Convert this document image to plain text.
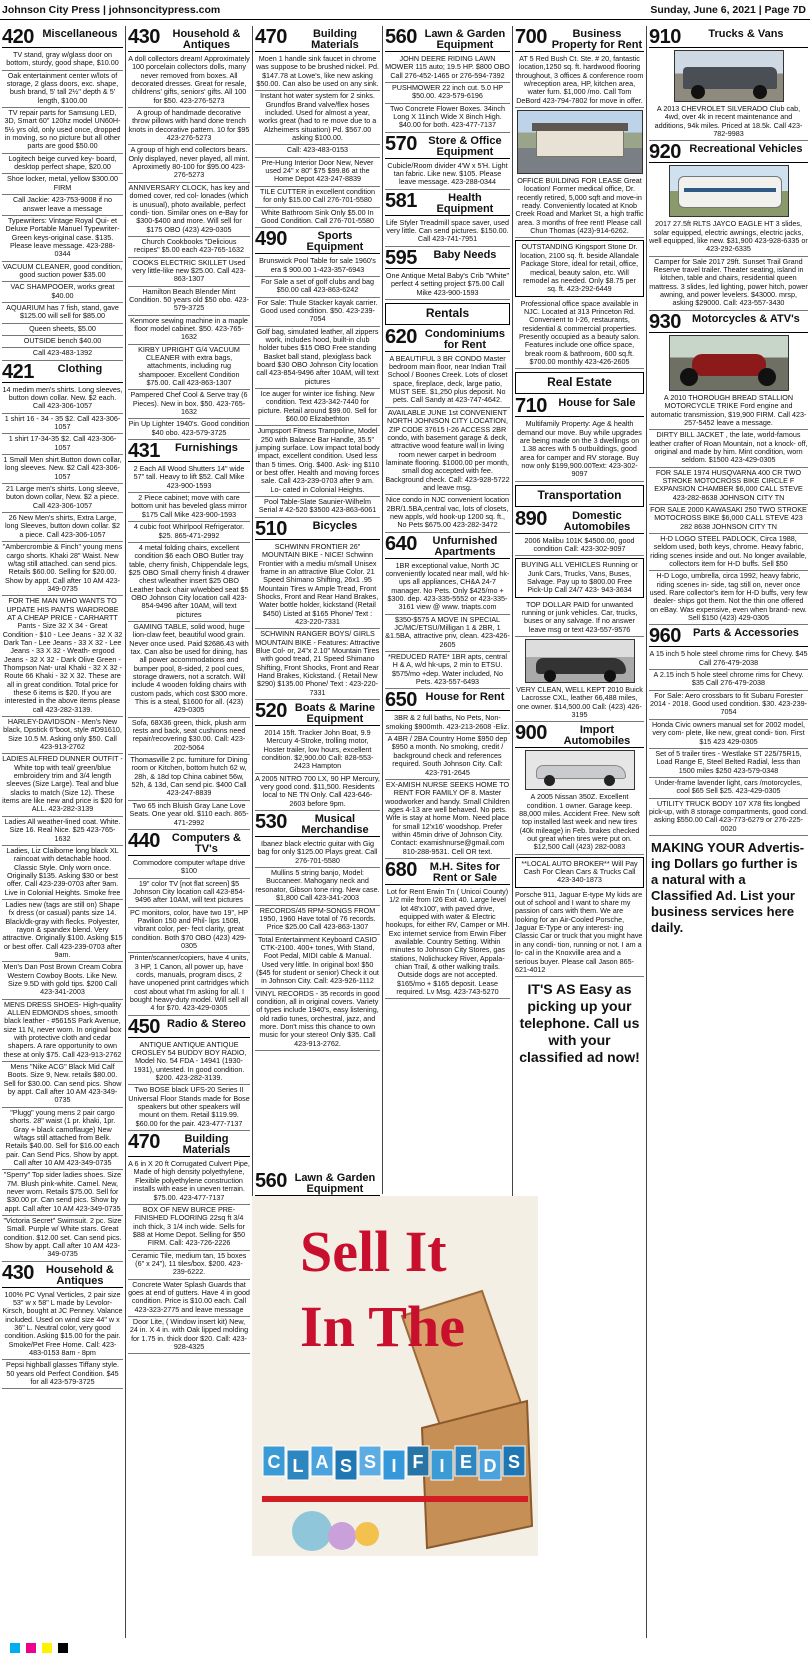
Johnson City Press | johnsoncitypress.com	Sunday, June 6, 2021 | Page 7D
420 Miscellaneous
TV stand, gray w/glass door on bottom, sturdy, good shape, $10.00
Oak entertainment center w/lots of storage, 2 glass doors, exc. shape, bush brand, 5' tall 2½" depth & 5' length, $100.00
TV repair parts for Samsung LED, 3D, Smart 60" 120hz model UN60H- 5½ yrs old, only used once, dropped in moving, so no picture but all other parts are good $50.00
Logitech beige curved key- board, desktop perfect shape, $20.00
Shoe locker, metal, yellow $300.00 FIRM
Call Jackie: 423-753-9008 if no answer leave a message
Typewriters: Vintage Royal Qui- et Deluxe Portable Manuel Typewriter-Green keys-original case. $135. Please leave message. 423-288-0344
VACUUM CLEANER, good condition, good suction power $35.00
VAC SHAMPOOER, works great $40.00
AQUARIUM has 7 fish, stand, gave $125.00 will sell for $85.00
Queen sheets, $5.00
OUTSIDE bench $40.00
Call 423-483-1392
421	Clothing
14 medim men's shirts. Long sleeves, button down collar. New. $2 each. Call 423-306-1057
1 shirt 16 - 34 - 35 $2. Call 423-306-1057
1 shirt 17-34-35 $2. Call 423-306-1057
1 Small Men shirt.Button down collar, long sleeves. New. $2 Call 423-306-1057
21 Large men's shirts. Long sleeve, buton down collar, New. $2 a piece. Call 423-306-1057
26 New Men's shirts, Extra Large, long Sleeves, button down collar. $2 a piece. Call 423-306-1057
"Ambercrombie & Finch" young mens cargo shorts. Khaki 28" Waist. New w/tag still attached. can send pics. Retails $60.00. Selling for $20.00. Show by appt. Call after 10 AM 423-349-0735
FOR THE MAN WHO WANTS TO UPDATE HIS PANTS WARDROBE AT A CHEAP PRICE - CARHARTT Pants - Size 32 X 34 - Great Condition - $10 - Lee Jeans - 32 X 32 Dark Tan - Lee Jeans - 33 X 32 - Lee Jeans - 33 X 32 - Weath- ergood Jeans - 32 X 32 - Dark Olive Green - Thompson Nat- ural Khaki - 32 X 32 - Route 66 Khaki - 32 X 32. These are all in great condition. Total price for these 6 items is $20. If you are interested in the above items please call 423-282-3139.
HARLEY-DAVIDSON - Men's New black, Dpstick 6"boot, style #D91610, Size 10.5 M. Asking only $50. Call 423-913-2762
LADIES ALFRED DUNNER OUTFIT - White top with teal/ green/blue embroidery trim and 3/4 length sleeves (Size Large). Teal and blue slacks to match (Size 12). These items are like new and price is $20 for ALL. 423-282-3139
Ladies All weather-lined coat. White. Size 16. Real Nice. $25 423-765-1632
Ladies, Liz Claiborne long black XL raincoat with detachable hood. Classic Style. Only worn once. Originally $135. Asking $30 or best offer. Call 423-239-0703 after 9am. Live in Colonial Heights. Smoke free
Ladies new (tags are still on) Shape fx dress (or casual) pants size 14. Black/dk-gray with flecks. Polyester, rayon & spandex blend. Very attractive. Originally $100. Asking $15 or best offer. Call 423-239-0703 after 9am.
Men's Dan Post Brown Cream Cobra Western Cowboy Boots. Like New. Size 9.5D with gold tips. $200 Call 423-341-2003
MENS DRESS SHOES- High-quality ALLEN EDMONDS shoes, smooth black leather - #5615S Park Avenue, size 11 N, never worn. In original box with protective cloth and cedar shapers. A rare opportunity to own these at only $75. Call 423-913-2762
Mens "Nike ACG" Black Mid Calf Boots. Size 9, New. retails $80.00. Sell for $30.00. Can send pics. Show by appt. Call after 10 AM 423-349-0735
"Plugg" young mens 2 pair cargo shorts. 28" waist (1 pr. khaki, 1pr. Gray + black camoflauge) New w/tags still attached from Belk. Retails $40.00. Sell for $16.00 each pair. Can Send Pics. Show by appt. Call after 10 AM 423-349-0735
"Sperry" Top sider ladies shoes. Size 7M. Blush pink-white. Camel. New, never worn. Retails $75.00. Sell for $30.00 pr. Can send pics. Show by appt. Call after 10 AM 423-349-0735
"Victoria Secret" Swimsuit. 2 pc. Size Small. Purple w/ White stars. Great condition. $12.00 set. Can send pics. Show by appt. Call after 10 AM 423-349-0735
430	Household & Antiques
100% PC Vynal Verticles, 2 pair size 53" w x 58" L made by Levolor-Kirsch, bought at JC Penney. Valance included. Used on wind size 44" w x 36" L. Neutral color, very good condition. Asking $15.00 for the pair. Smoke/Pet Free Home. Call: 423-483-0153 8am - 8pm
Pepsi highball glasses Tiffany style. 50 years old Perfect Condition. $45 for all 423-579-3725
430	Household & Antiques
A doll collectors dream! Approximately 100 porcelain collectors dolls, many never removed from boxes. All decorated dresses. Great for resale, childrens' gifts, seniors' gifts. All 100 for $50. 423-276-5273
A group of handmade decorative throw pillows with hand done trench knots in decorative pattern. 10 for $95 423-276-5273
A group of high end collectors bears. Only displayed, never played, all mint. Aproximetly 80-100 for $95.00 423-276-5273
ANNIVERSARY CLOCK, has key and domed cover, red col- lonades (which is unusual), photo available, perfect condi- tion. Similar ones on e-Bay for $300-$400 and more. Will sell for $175 OBO (423) 429-0305
Church Cookbooks "Delicious recipes" $5.00 each 423-765-1632
COOKS ELECTRIC SKILLET Used very little-like new $25.00. Call 423-863-1307
Hamilton Beach Blender Mint Condition. 50 years old $50 obo. 423-579-3725
Kenmore sewing machine in a maple floor model cabinet. $50. 423-765-1632
KIRBY UPRIGHT G/4 VACUUM CLEANER with extra bags, attachments, including rug shampooer. Excellent Condition $75.00. Call 423-863-1307
Pampered Chef Cool & Serve tray (6 Pieces). New in box. $50. 423-765-1632
Pin Up Lighter 1940's. Good condition $40 obo. 423-579-3725
431	Furnishings
2 Each All Wood Shutters 14" wide 57" tall. Heavy to lift $52. Call Mike 423-900-1593
2 Piece cabinet; move with care bottom unit has beveled glass mirror $175 Call Mike 423-900-1593
4 cubic foot Whirlpool Refrigerator. $25. 865-471-2992
4 metal folding chairs, excellent condition $6 each OBO Butler tray table, cherry finish, Chippendale legs, $25 OBO Small cherry finish 4 drawer chest w/leather insert $25 OBO Leather back chair w/webbed seat $5 OBO Johnson City location call 423-854-9496 after 10AM, will text pictures
GAMING TABLE, solid wood, huge lion-claw feet, beautiful wood grain. Never once used. Paid $2686.43 with tax. Can also be used for dining, has all power accommodations and bumper pool, 8-sided, 2 pool cues, storage drawers, not a scratch. Will include 4 wooden folding chairs with custom pads, which cost $300 more. This is a steal, $1600 for all. (423) 429-0305
Sofa, 68X36 green, thick, plush arm rests and back, seat cushions need repair/recovering $30.00. Call: 423-202-5064
Thomasville 2 pc. furniture for Dining room or Kitchen, bottom hutch 62 w, 28h, & 18d top China cabinet 56w, 52h, & 13d, Can send pic. $400 Call 423-247-8839
Two 65 inch Bluish Gray Lane Love Seats. One year old. $110 each. 865-471-2992
440	Computers & TV's
Commodore computer w/tape drive $100
19" color TV [not flat screen] $5 Johnson City location call 423-854-9496 after 10AM, will text pictures
PC monitors, color, have two 19", HP Pavilion 150 and Phil- lips 150B, vibrant color, per- fect clarity, great condition. Both $70 OBO (423) 429-0305
Printer/scanner/copiers, have 4 units, 3 HP, 1 Canon, all power up, have cords, manuals, program discs, 2 have unopened print cartridges which cost about what I'm asking for all. I bought heavy-duty model. Will sell all 4 for $70. 423-429-0305
450 Radio & Stereo
ANTIQUE ANTIQUE ANTIQUE CROSLEY 54 BUDDY BOY RADIO, Model No. 54 FDA - 14941 (1930-1931), untested. In good condition. $200. 423-282-3139.
Two BOSE black UFS-20 Series II Universal Floor Stands made for Bose speakers but other speakers will mount on them. Retail $119.99. $60.00 for the pair. 423-477-7137
470	Building Materials
A 6 in X 20 ft Corrugated Culvert Pipe, Made of high density polyethylene, Flexible polyethylene construction installs with ease in uneven terrain. $75.00. 423-477-7137
BOX OF NEW BURCE PRE-FINISHED FLOORING 22sq ft 3/4 inch thick, 3 1/4 inch wide. Sells for $88 at Home Depot. Selling for $50 FIRM. Call: 423-726-2226
Ceramic Tile, medium tan, 15 boxes (6" x 24"), 11 tiles/box. $200. 423-239-6222.
Concrete Water Splash Guards that goes at end of gutters. Have 4 in good condition. Price is $10.00 each. Call 423-323-2775 and leave message
Door Lite, ( Window insert kit) New, 24 in. X 4 in. with Oak lipped molding for 1.75 in. thick door $20. Call: 423-928-4325
470	Building Materials
Moen 1 handle sink faucet in chrome was suppose to be brushed nickel. Pd. $147.78 at Lowe's, like new asking $50.00. Can also be used on any sink.
Instant hot water system for 2 sinks. Grundfos Brand valve/flex hoses included. Used for almost a year, works great (had to re move due to a Alzheimers situation) Pd. $567.00 asking $100.00.
Call: 423-483-0153
Pre-Hung Interior Door New, Never used 24" x 80" $75 $99.86 at the Home Depot 423-247-8839
TILE CUTTER in excellent condition for only $15.00 Call 276-701-5580
White Bathroom Sink Only $5.00 In Good Condition. Call 276-701-5580
490	Sports Equipment
Brunswick Pool Table for sale 1960's era $ 900.00 1-423-357-6943
For Sale a set of golf clubs and bag $50.00 call 423-863-6242
For Sale: Thule Stacker kayak carrier. Good used condition. $50. 423-239-7054
Golf bag, simulated leather, all zippers work, includes hood, built-in club holder tubes $15 OBO Free standing Basket ball stand, plexiglass back board $30 OBO Johnson City location call 423-854-9496 after 10AM, will text pictures
Ice auger for winter ice fishing. New condition. Text 423-342-7440 for picture. Retail around $99.00. Sell for $60.00 Elizabethton
Jumpsport Fitness Trampoline, Model 250 with Balance Bar Handle, 35.5" jumping surface. Low impact total body impact, excellent condition. Used less than 5 times. Orig. $400. Ask- ing $110 or best offer. Health and moving forces sale. Call 423-239-0703 after 9 am. Lo- cated in Colonial Heights.
Pool Table-Slate Saunier-Wilhelm Serial # 42-520 $3500 423-863-6061
510	Bicycles
SCHWINN FRONTIER 26" MOUNTAIN BIKE - NICE! Schwinn Frontier with a mediu m/small Unisex frame in an attractive Blue Color. 21 Speed Shimano Shifting, 26x1 .95 Mountain Tires w Ample Tread, Front Shocks, Front and Rear Hand Brakes, Water bottle holder, kickstand (Retail $450) Listed at $165 Phone/ Text : 423-220-7331
SCHWINN RANGER BOYS/ GIRLS MOUNTAIN BIKE - Features: Attractive Blue Col- or, 24"x 2.10" Mountain Tires with good tread, 21 Speed Shimano Shifting, Front Shocks, Front and Rear Hand Brakes, Kickstand. ( Retail New $290) $135.00 Phone/ Text : 423-220-7331
520 Boats & Marine Equipment
2014 15ft. Tracker John Boat, 9.9 Mercury 4-Stroke, trolling motor, Hoster trailer, low hours, excellent condition. $2,900.00 Call: 828-553-2423 Hampton
A 2005 NITRO 700 LX, 90 HP Mercury, very good cond. $11,500. Residents local to NE TN Only. Call 423-646-2603 before 9pm.
530	Musical Merchandise
Ibanez black electric guitar with Gig bag for only $125.00 Plays great. Call 276-701-5580
Mullins 5 string banjo, Model: Buccaneer. Mahogany neck and resonator, Gibson tone ring. New case. $1,800 Call 423-341-2003
RECORDS/45 RPM-SONGS FROM 1950, 1960 Have total of 76 records. Price $25.00 Call 423-863-1307
Total Entertainment Keyboard CASIO CTK-2100. 400+ tones, With Stand, Foot Pedal, MIDI cable & Manual. Used very little. In original box! $50 ($45 for student or senior) Check it out in Johnson City. Call: 423-926-1112
VINYL RECORDS - 35 records in good condition, all in original covers. Variety of types include 1940's, easy listening, old radio tunes, orchestral, jazz, and more. Don't miss this chance to own music for your stereo! Only $35. Call 423-913-2762.
560 Lawn & Garden Equipment
JOHN DEERE RIDING LAWN MOWER 115 auto; 19.5 HP. $800 OBO Call 276-452-1465 or 276-594-7392
PUSHMOWER 22 inch cut. 5.0 HP $50.00. 423-579-6196
Two Concrete Flower Boxes. 34inch Long X 11inch Wide X 8inch High. $40.00 for both. 423-477-7137
570	Store & Office Equipment
Cubicle/Room divider 4'W x 5'H. Light tan fabric. Like new. $105. Please leave message. 423-288-0344
581	Health Equipment
Life Styler Treadmill space saver, used very little. Can send pictures. $150.00. Call 423-741-7951
595	Baby Needs
One Antique Metal Baby's Crib "White" perfect 4 setting project $75.00 Call Mike 423-900-1593
Rentals
620 Condominiums for Rent
A BEAUTIFUL 3 BR CONDO Master bedroom main floor, near Indian Trail School / Boones Creek. Lots of closet space, fireplace, deck, large patio, MUST SEE. $1,250 plus deposit. No pets. Call Sandy at 423-747-4642.
AVAILABLE JUNE 1st CONVENIENT NORTH JOHNSON CITY LOCATION, ZIP CODE 37615 I-26 ACCESS 2BR condo, with basement garage & deck, attractive wood feature wall in living room newer carpet in bedroom laminate flooring. $1000.00 per month, small dog accepted with fee. Background check. Call: 423-928-5722 and leave msg.
Nice condo in NJC convenient location 2BR/1.5BA,central vac, lots of closets, new appls, w/d hook-up 1200 sq. ft., No Pets $675.00 423-282-3472
640	Unfurnished Apartments
1BR exceptional value, North JC conveniently located near mall, w/d hk-ups all appliances, CH&A 24-7 manager. No Pets. Only $425/mo + $300. dep. 423-335-5552 or 423-335-3161 view @ www. triapts.com
$350-$575 A MOVE IN SPECIAL JC/MC/ETSU/Milligan 1 & 2BR, 1 &1.5BA, attractive priv, clean. 423-426-2605
*REDUCED RATE* 1BR apts, central H & A, w/d hk-ups, 2 min to ETSU. $575/mo +dep. Water included, No Pets. 423-557-6493
650 House for Rent
3BR & 2 full baths, No Pets, Non-smoking $900mth. 423-213-2608 -Eliz.
A 4BR / 2BA Country Home $950 dep $950 a month. No smoking, credit / background check and references required. South Johnson City. Call: 423-791-2645
EX-AMISH NURSE SEEKS HOME TO RENT FOR FAMILY OF 8. Master woodworker and handy. Small Children ages 4-13 are well behaved. No pets. Wife is stay at home Mom. Need place for small 12'x16' woodshop. Prefer within 45min drive of Johnson City. Contact: examishnurse@gmail.com 810-288-9531. Cell OR text.
680	M.H. Sites for Rent or Sale
Lot for Rent Erwin Tn ( Unicoi County) 1/2 mile from I26 Exit 40. Large level lot 48'x100', with paved drive, equipped with water & Electric hookups, for either RV, Camper or MH. Exc internet service from Erwin Fiber available. Country Setting. Within minutes to Johnson City Stores, gas stations, Nolichuckey River, Appala- chian Trail, & other walking trails. Outside dogs are not accepted. $165/mo + $165 deposit. Lease required. Lv Msg. 423-743-5270
700	Business Property for Rent
AT 5 Red Bush Ct. Ste. # 20, fantastic location,1250 sq. ft. hardwood flooring throughout, 3 offices & conference room w/reception area, HP, kitchen area, water furn. $1,000 /mo. Call Tom DeBord 423-794-7802 for move in offer.
OFFICE BUILDING FOR LEASE Great location! Former medical office, Dr. recently retired, 5,000 sqft and move-in ready. Conveniently located at Knob Creek Road and Market St, a high traffic area. 3 months of free rent! Please call Chun Thomas (423)-914-6262.
OUTSTANDING Kingsport Stone Dr. location, 2100 sq. ft. beside Allandale Package Store, ideal for retail, office, medical, beauty salon, etc. Will remodel as needed. Only $8.75 per sq. ft. 423-292-6449
Professional office space available in NJC. Located at 313 Princeton Rd. Convenient to I-26, restaurants, residential & commercial properties. Presently occupied as a beauty salon. Features include one office space, break room & bathroom, 600 sq.ft. $700.00 monthly 423-426-2605
Real Estate
710	House for Sale
Multifamily Property: Age & health demand our move. Buy while upgrades are being made on the 3 dwellings on 1.38 acres with 5 outbuildings, good area for camper and RV storage. Buy now only $199,900.00Text: 423-302-9097
Transportation
890	Domestic Automobiles
2006 Malibu 101K $4500.00, good condition Call: 423-302-9097
BUYING ALL VEHICLES Running or Junk Cars, Trucks, Vans, Buses, Salvage. Pay up to $800.00 Free Pick-Up Call 24/7 423- 943-3634
TOP DOLLAR PAID for unwanted running or junk vehicles. Car, trucks, buses or any salvage. If no answer leave msg or text 423-557-9576
VERY CLEAN, WELL KEPT 2010 Buick Lacrosse CXL, leather 66,488 miles, one owner. $14,500.00 Call: (423) 426-3195
900	Import Automobiles
A 2005 Nissan 350Z. Excellent condition. 1 owner. Garage keep. 88,000 miles. Accident Free. New soft top installed last week and new tires (40k mileage) in Feb. brakes checked out great when tires were put on. $12,500 Call (423) 282-0083
**LOCAL AUTO BROKER** Will Pay Cash For Clean Cars & Trucks Call 423-340-1873
Porsche 911, Jaguar E-type My kids are out of school and I want to share my passion of cars with them. We are looking for an Air-Cooled Porsche, Jaguar E-Type or any interest- ing Classic Car or truck that you might have in any condi- tion, running or not. I am a lo- cal in the Knoxville area and a serious buyer. Please call Jason 865-621-4012
IT'S AS Easy as picking up your telephone. Call us with your classified ad now!
910	Trucks & Vans
A 2013 CHEVROLET SILVERADO Club cab, 4wd, over 4k in recent maintenance and additions, 94k miles. Priced at 18.5k. Call 423-782-9983
920 Recreational Vehicles
2017 27.5ft RLTS JAYCO EAGLE HT 3 slides, solar equipped, electric awnings, electric jacks, well equipped, like new. $31,900 423-928-6335 or 423-292-6335
Camper for Sale 2017 29ft. Sunset Trail Grand Reserve travel trailer. Theater seating, island in kitchen, table and chairs, residential queen mattress. 3 slides, led lighting, power hitch, power awning, and power levelers. $43000. mrsp, asking $29000. Call: 423-557-3430
930	Motorcycles & ATV's
A 2010 THOROUGH BREAD STALLION MOTORCYCLE TRIKE Ford engine and automatic transmission, $19,900 FIRM. Call 423-257-5452 leave a message.
DIRTY BILL JACKET , the late, world-famous leather crafter of Roan Mountain, not a knock- off, original and made by him. Mint condition, worn seldom. $1500 423-429-0305
FOR SALE 1974 HUSQVARNA 400 CR TWO STROKE MOTOCROSS BIKE CIRCLE F EXPANSION CHAMBER $6,000 CALL STEVE 423-282-8638 JOHNSON CITY TN
FOR SALE 2000 KAWASAKI 250 TWO STROKE MOTOCROSS BIKE $6,000 CALL STEVE 423 282 8638 JOHNSON CITY TN
H-D LOGO STEEL PADLOCK, Circa 1988, seldom used, both keys, chrome. Heavy fabric, riding scenes inside and out. No longer available, collectors item for H-D buffs. Sell $50
H-D Logo, umbrella, circa 1992, heavy fabric, riding scenes in- side, tag still on, never once used. Rare collector's item for H-D buffs, very few dealer- ships got them. Not the thin one offered on eBay. Was expensive, even when brand- new. Sell $150 (423) 429-0305
960	Parts & Accessories
A 15 inch 5 hole steel chrome rims for Chevy. $45 Call 276-479-2038
A 2.15 inch 5 hole steel chrome rims for Chevy. $35 Call 276-479-2038
For Sale: Aero crossbars to fit Subaru Forester 2014 - 2018. Good used condition. $30. 423-239-7054
Honda Civic owners manual set for 2002 model, very com- plete, like new, great condi- tion. First $15 423 429-0305
Set of 5 trailer tires - Westlake ST 225/75R15, Load Range E, Steel Belted Radial, less than 1500 miles $250 423-579-0348
Under-frame lavender light, cars /motorcycles, cool $65 Sell $25. 423-429-0305
UTILITY TRUCK BODY 107 X78 fits longbed pick-up, with 8 storage compartments, good cond. asking $550.00 Call 423-773-6279 or 276-225-0020
MAKING YOUR Advertis- ing Dollars go further is a natural with a Classified Ad. List your business services here daily.
Sell It
In The
C L A S S I F I E D S
560 Lawn & Garden Equipment
